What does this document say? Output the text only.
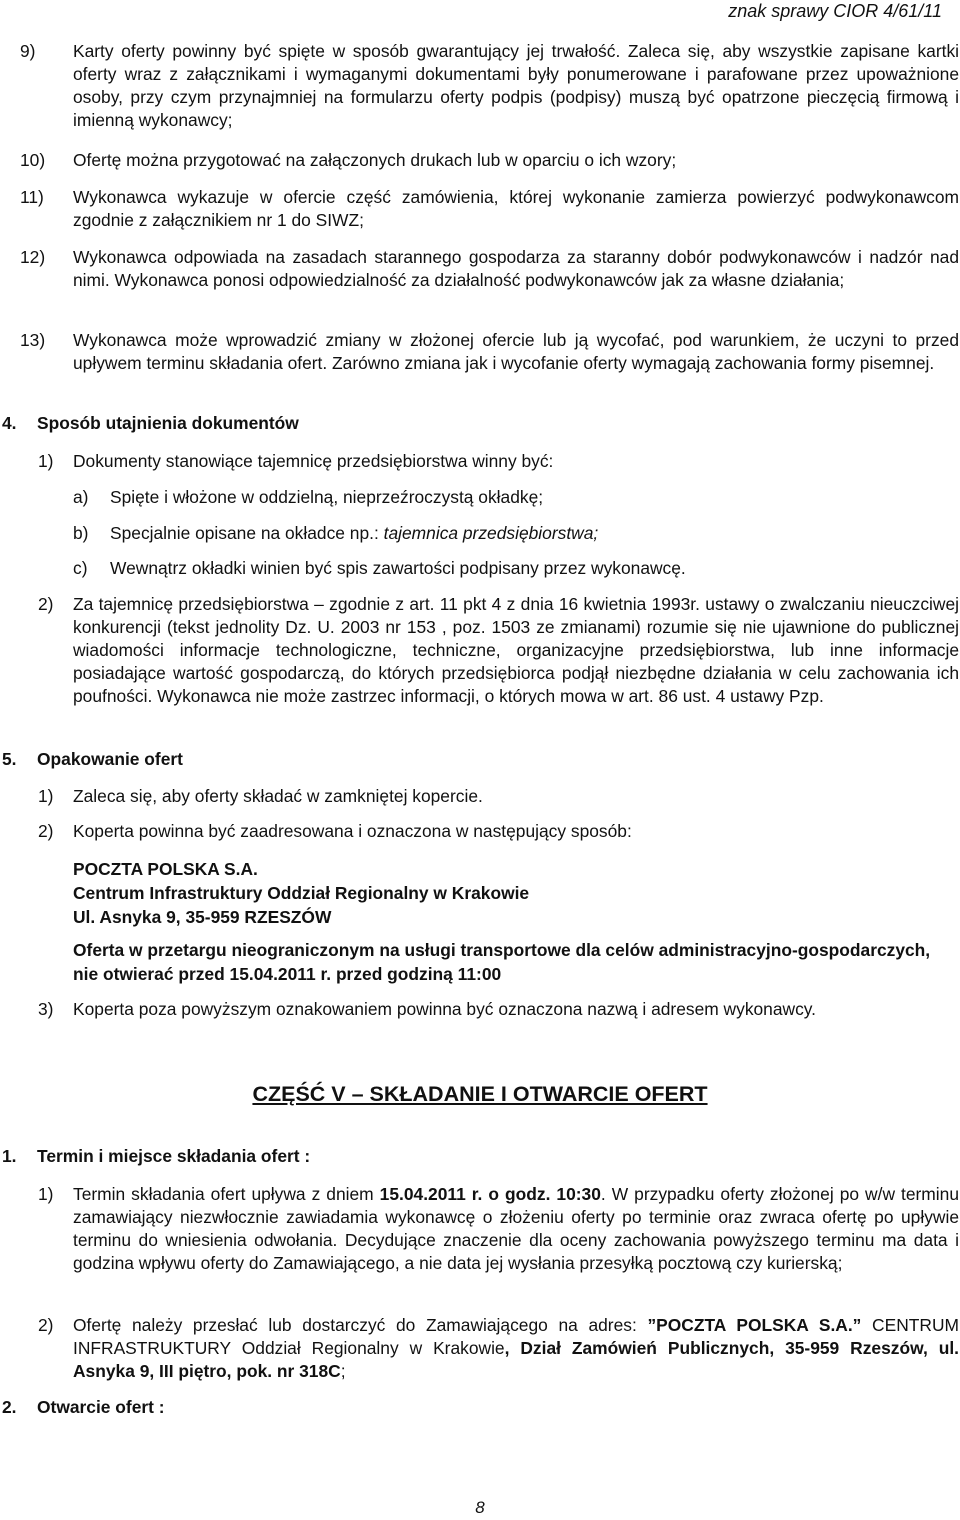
znak sprawy CIOR 4/61/11
9) Karty oferty powinny być spięte w sposób gwarantujący jej trwałość. Zaleca się, aby wszystkie zapisane kartki oferty wraz z załącznikami i wymaganymi dokumentami były ponumerowane i parafowane przez upoważnione osoby, przy czym przynajmniej na formularzu oferty podpis (podpisy) muszą być opatrzone pieczęcią firmową i imienną wykonawcy;
10) Ofertę można przygotować na załączonych drukach lub w oparciu o ich wzory;
11) Wykonawca wykazuje w ofercie część zamówienia, której wykonanie zamierza powierzyć podwykonawcom zgodnie z załącznikiem nr 1 do SIWZ;
12) Wykonawca odpowiada na zasadach starannego gospodarza za staranny dobór podwykonawców i nadzór nad nimi. Wykonawca ponosi odpowiedzialność za działalność podwykonawców jak za własne działania;
13) Wykonawca może wprowadzić zmiany w złożonej ofercie lub ją wycofać, pod warunkiem, że uczyni to przed upływem terminu składania ofert. Zarówno zmiana jak i wycofanie oferty wymagają zachowania formy pisemnej.
4. Sposób utajnienia dokumentów
1) Dokumenty stanowiące tajemnicę przedsiębiorstwa winny być:
a) Spięte i włożone w oddzielną, nieprzeźroczystą okładkę;
b) Specjalnie opisane na okładce np.: tajemnica przedsiębiorstwa;
c) Wewnątrz okładki winien być spis zawartości podpisany przez wykonawcę.
2) Za tajemnicę przedsiębiorstwa – zgodnie z art. 11 pkt 4 z dnia 16 kwietnia 1993r. ustawy o zwalczaniu nieuczciwej konkurencji (tekst jednolity Dz. U. 2003 nr 153 , poz. 1503 ze zmianami) rozumie się nie ujawnione do publicznej wiadomości informacje technologiczne, techniczne, organizacyjne przedsiębiorstwa, lub inne informacje posiadające wartość gospodarczą, do których przedsiębiorca podjął niezbędne działania w celu zachowania ich poufności. Wykonawca nie może zastrzec informacji, o których mowa w art. 86 ust. 4 ustawy Pzp.
5. Opakowanie ofert
1) Zaleca się, aby oferty składać w zamkniętej kopercie.
2) Koperta powinna być zaadresowana i oznaczona w następujący sposób:
POCZTA POLSKA S.A.
Centrum Infrastruktury Oddział Regionalny w Krakowie
Ul. Asnyka 9, 35-959 RZESZÓW
Oferta w przetargu nieograniczonym na usługi transportowe dla celów administracyjno-gospodarczych, nie otwierać przed 15.04.2011 r. przed godziną 11:00
3) Koperta poza powyższym oznakowaniem powinna być oznaczona nazwą i adresem wykonawcy.
CZĘŚĆ V – SKŁADANIE I OTWARCIE OFERT
1. Termin i miejsce składania ofert :
1) Termin składania ofert upływa z dniem 15.04.2011 r. o godz. 10:30. W przypadku oferty złożonej po w/w terminu zamawiający niezwłocznie zawiadamia wykonawcę o złożeniu oferty po terminie oraz zwraca ofertę po upływie terminu do wniesienia odwołania. Decydujące znaczenie dla oceny zachowania powyższego terminu ma data i godzina wpływu oferty do Zamawiającego, a nie data jej wysłania przesyłką pocztową czy kurierską;
2) Ofertę należy przesłać lub dostarczyć do Zamawiającego na adres: ”POCZTA POLSKA S.A.” CENTRUM INFRASTRUKTURY Oddział Regionalny w Krakowie, Dział Zamówień Publicznych, 35-959 Rzeszów, ul. Asnyka 9, III piętro, pok. nr 318C;
2. Otwarcie ofert :
8
